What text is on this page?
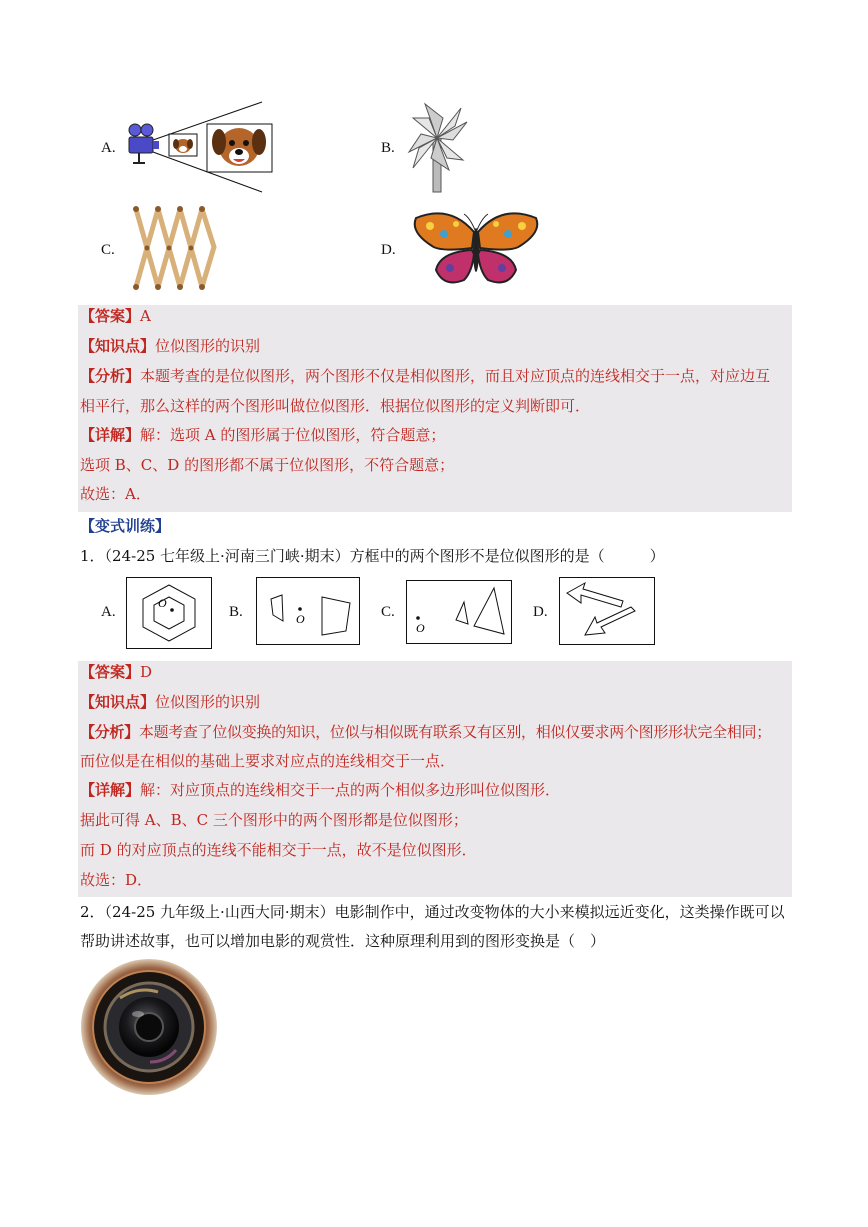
A.	B.
C.	D.
【答案】A
【知识点】位似图形的识别
【分析】本题考查的是位似图形，两个图形不仅是相似图形，而且对应顶点的连线相交于一点，对应边互
相平行，那么这样的两个图形叫做位似图形．根据位似图形的定义判断即可．
【详解】解：选项 A 的图形属于位似图形，符合题意；
选项 B、C、D 的图形都不属于位似图形，不符合题意；
故选：A．
【变式训练】
1．（24-25 七年级上·河南三门峡·期末）方框中的两个图形不是位似图形的是（　　　）
A.
O
B.	O	C.
O
D.
【答案】D
【知识点】位似图形的识别
【分析】本题考查了位似变换的知识，位似与相似既有联系又有区别，相似仅要求两个图形形状完全相同；
而位似是在相似的基础上要求对应点的连线相交于一点．
【详解】解：对应顶点的连线相交于一点的两个相似多边形叫位似图形．
据此可得 A、B、C 三个图形中的两个图形都是位似图形；
而 D 的对应顶点的连线不能相交于一点，故不是位似图形．
故选：D．
2．（24-25 九年级上·山西大同·期末）电影制作中，通过改变物体的大小来模拟远近变化，这类操作既可以
帮助讲述故事，也可以增加电影的观赏性．这种原理利用到的图形变换是（　）
